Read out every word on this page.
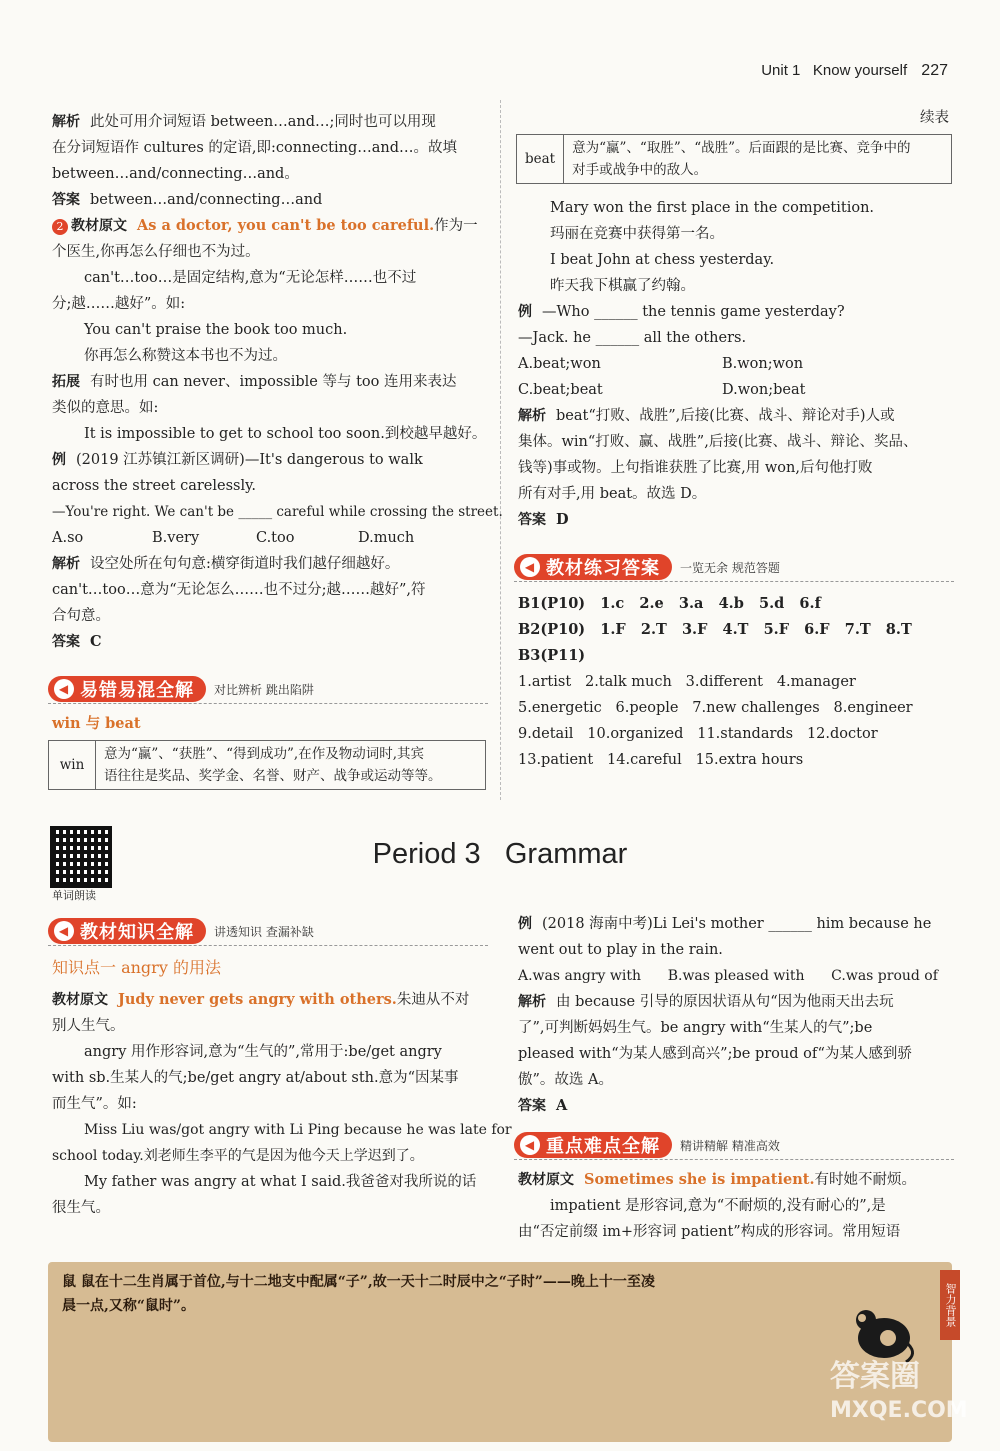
Unit 1 Know yourself 227
解析 此处可用介词短语 between…and…;同时也可以用现
在分词短语作 cultures 的定语,即:connecting…and…。故填
between…and/connecting…and。
答案 between…and/connecting…and
2 教材原文 As a doctor, you can't be too careful.作为一
个医生,你再怎么仔细也不为过。
can't…too…是固定结构,意为“无论怎样……也不过
分;越……越好”。如:
You can't praise the book too much.
你再怎么称赞这本书也不为过。
拓展 有时也用 can never、impossible 等与 too 连用来表达
类似的意思。如:
It is impossible to get to school too soon.到校越早越好。
例 (2019 江苏镇江新区调研)—It's dangerous to walk
across the street carelessly.
—You're right. We can't be _____ careful while crossing the street.
A.so	B.very	C.too	D.much
解析 设空处所在句句意:横穿街道时我们越仔细越好。
can't…too…意为“无论怎么……也不过分;越……越好”,符
合句意。
答案 C
◀ 易错易混全解 对比辨析 跳出陷阱
win 与 beat
win	意为“赢”、“获胜”、“得到成功”,在作及物动词时,其宾
语往往是奖品、奖学金、名誉、财产、战争或运动等等。
续表
beat	意为“赢”、“取胜”、“战胜”。后面跟的是比赛、竞争中的
对手或战争中的敌人。
Mary won the first place in the competition.
玛丽在竞赛中获得第一名。
I beat John at chess yesterday.
昨天我下棋赢了约翰。
例 —Who ______ the tennis game yesterday?
—Jack. he ______ all the others.
A.beat;won	B.won;won
C.beat;beat	D.won;beat
解析 beat“打败、战胜”,后接(比赛、战斗、辩论对手)人或
集体。win“打败、赢、战胜”,后接(比赛、战斗、辩论、奖品、
钱等)事或物。上句指谁获胜了比赛,用 won,后句他打败
所有对手,用 beat。故选 D。
答案 D
◀ 教材练习答案 一览无余 规范答题
B1(P10)   1.c   2.e   3.a   4.b   5.d   6.f
B2(P10)   1.F   2.T   3.F   4.T   5.F   6.F   7.T   8.T
B3(P11)
1.artist   2.talk much   3.different   4.manager
5.energetic   6.people   7.new challenges   8.engineer
9.detail   10.organized   11.standards   12.doctor
13.patient   14.careful   15.extra hours
单词朗读
Period 3 Grammar
◀ 教材知识全解 讲透知识 查漏补缺
知识点一 angry 的用法
教材原文 Judy never gets angry with others.朱迪从不对
别人生气。
angry 用作形容词,意为“生气的”,常用于:be/get angry
with sb.生某人的气;be/get angry at/about sth.意为“因某事
而生气”。如:
Miss Liu was/got angry with Li Ping because he was late for
school today.刘老师生李平的气是因为他今天上学迟到了。
My father was angry at what I said.我爸爸对我所说的话
很生气。
例 (2018 海南中考)Li Lei's mother ______ him because he
went out to play in the rain.
A.was angry with      B.was pleased with      C.was proud of
解析 由 because 引导的原因状语从句“因为他雨天出去玩
了”,可判断妈妈生气。be angry with“生某人的气”;be
pleased with“为某人感到高兴”;be proud of“为某人感到骄
傲”。故选 A。
答案 A
◀ 重点难点全解 精讲精解 精准高效
教材原文 Sometimes she is impatient.有时她不耐烦。
impatient 是形容词,意为“不耐烦的,没有耐心的”,是
由“否定前缀 im+形容词 patient”构成的形容词。常用短语
鼠 鼠在十二生肖属于首位,与十二地支中配属“子”,故一天十二时辰中之“子时”——晚上十一至凌
晨一点,又称“鼠时”。	智力背景
答案圈
MXQE.COM
